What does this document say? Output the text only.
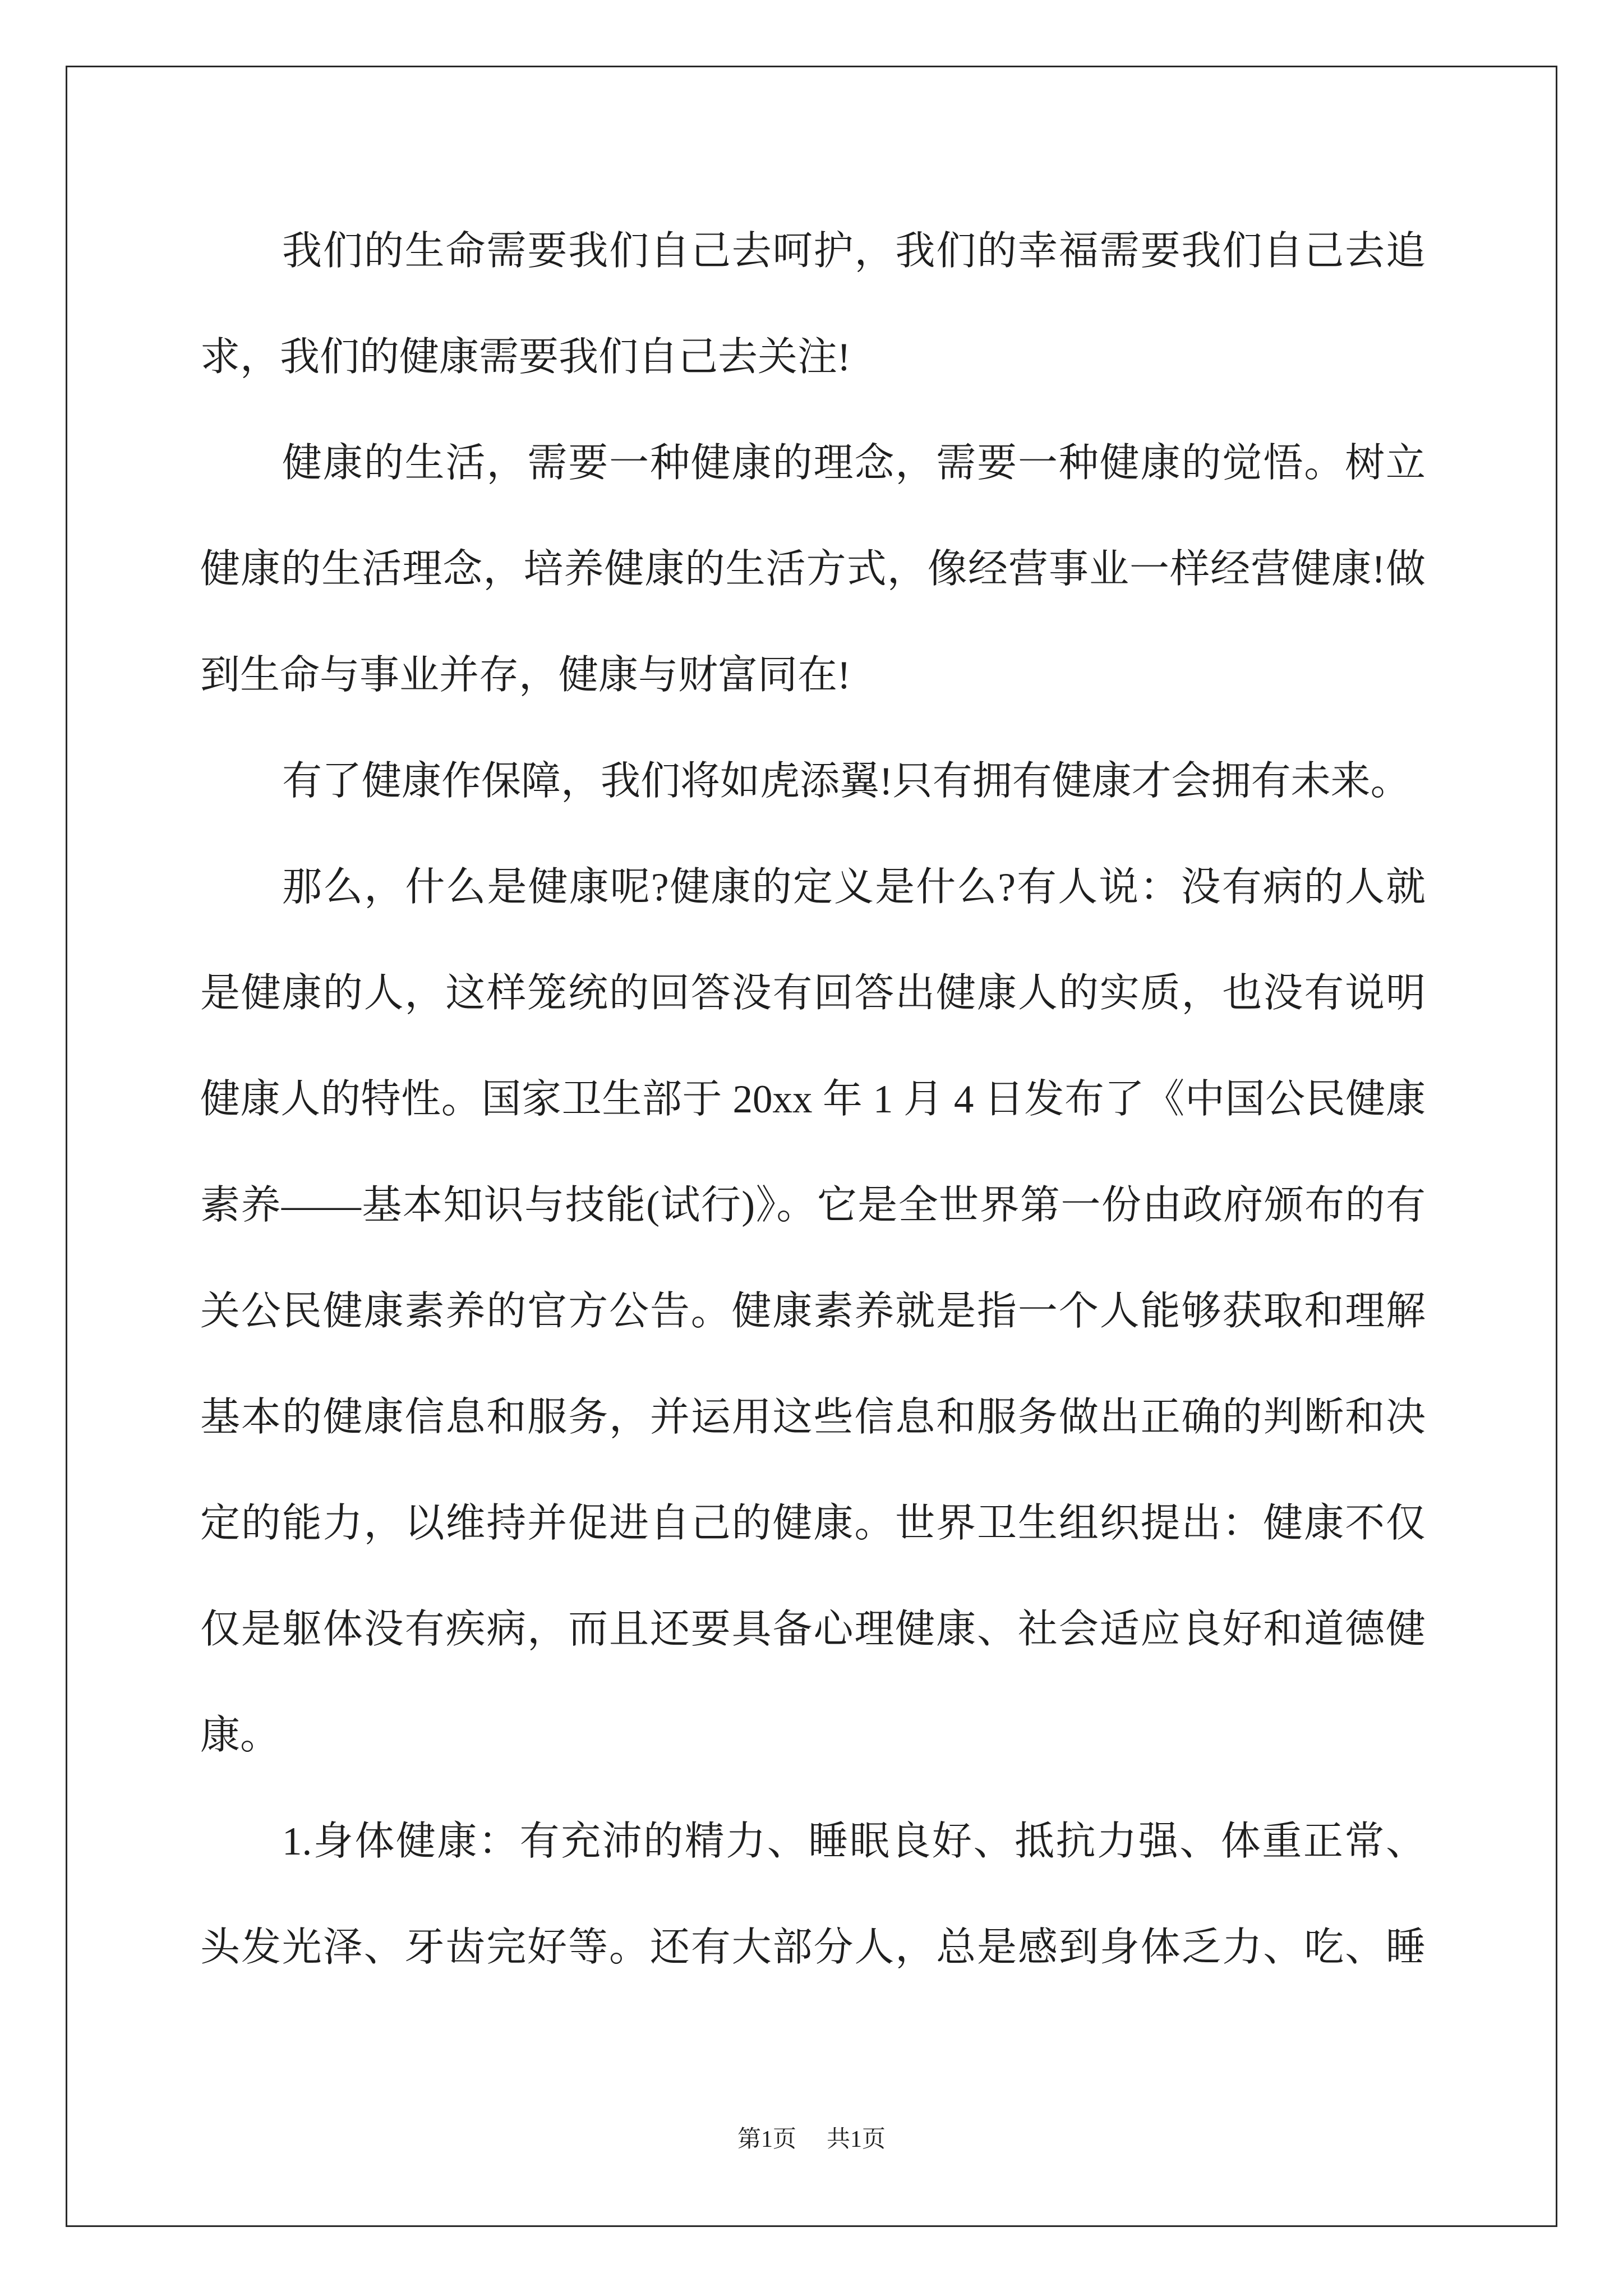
我们的生命需要我们自己去呵护，我们的幸福需要我们自己去追
求，我们的健康需要我们自己去关注!
健康的生活，需要一种健康的理念，需要一种健康的觉悟。树立
健康的生活理念，培养健康的生活方式，像经营事业一样经营健康!做
到生命与事业并存，健康与财富同在!
有了健康作保障，我们将如虎添翼!只有拥有健康才会拥有未来。
那么，什么是健康呢?健康的定义是什么?有人说：没有病的人就
是健康的人，这样笼统的回答没有回答出健康人的实质，也没有说明
健康人的特性。国家卫生部于 20xx 年 1 月 4 日发布了《中国公民健康
素养——基本知识与技能(试行)》。它是全世界第一份由政府颁布的有
关公民健康素养的官方公告。健康素养就是指一个人能够获取和理解
基本的健康信息和服务，并运用这些信息和服务做出正确的判断和决
定的能力，以维持并促进自己的健康。世界卫生组织提出：健康不仅
仅是躯体没有疾病，而且还要具备心理健康、社会适应良好和道德健
康。
1.身体健康：有充沛的精力、睡眠良好、抵抗力强、体重正常、
头发光泽、牙齿完好等。还有大部分人，总是感到身体乏力、吃、睡
第1页 共1页
